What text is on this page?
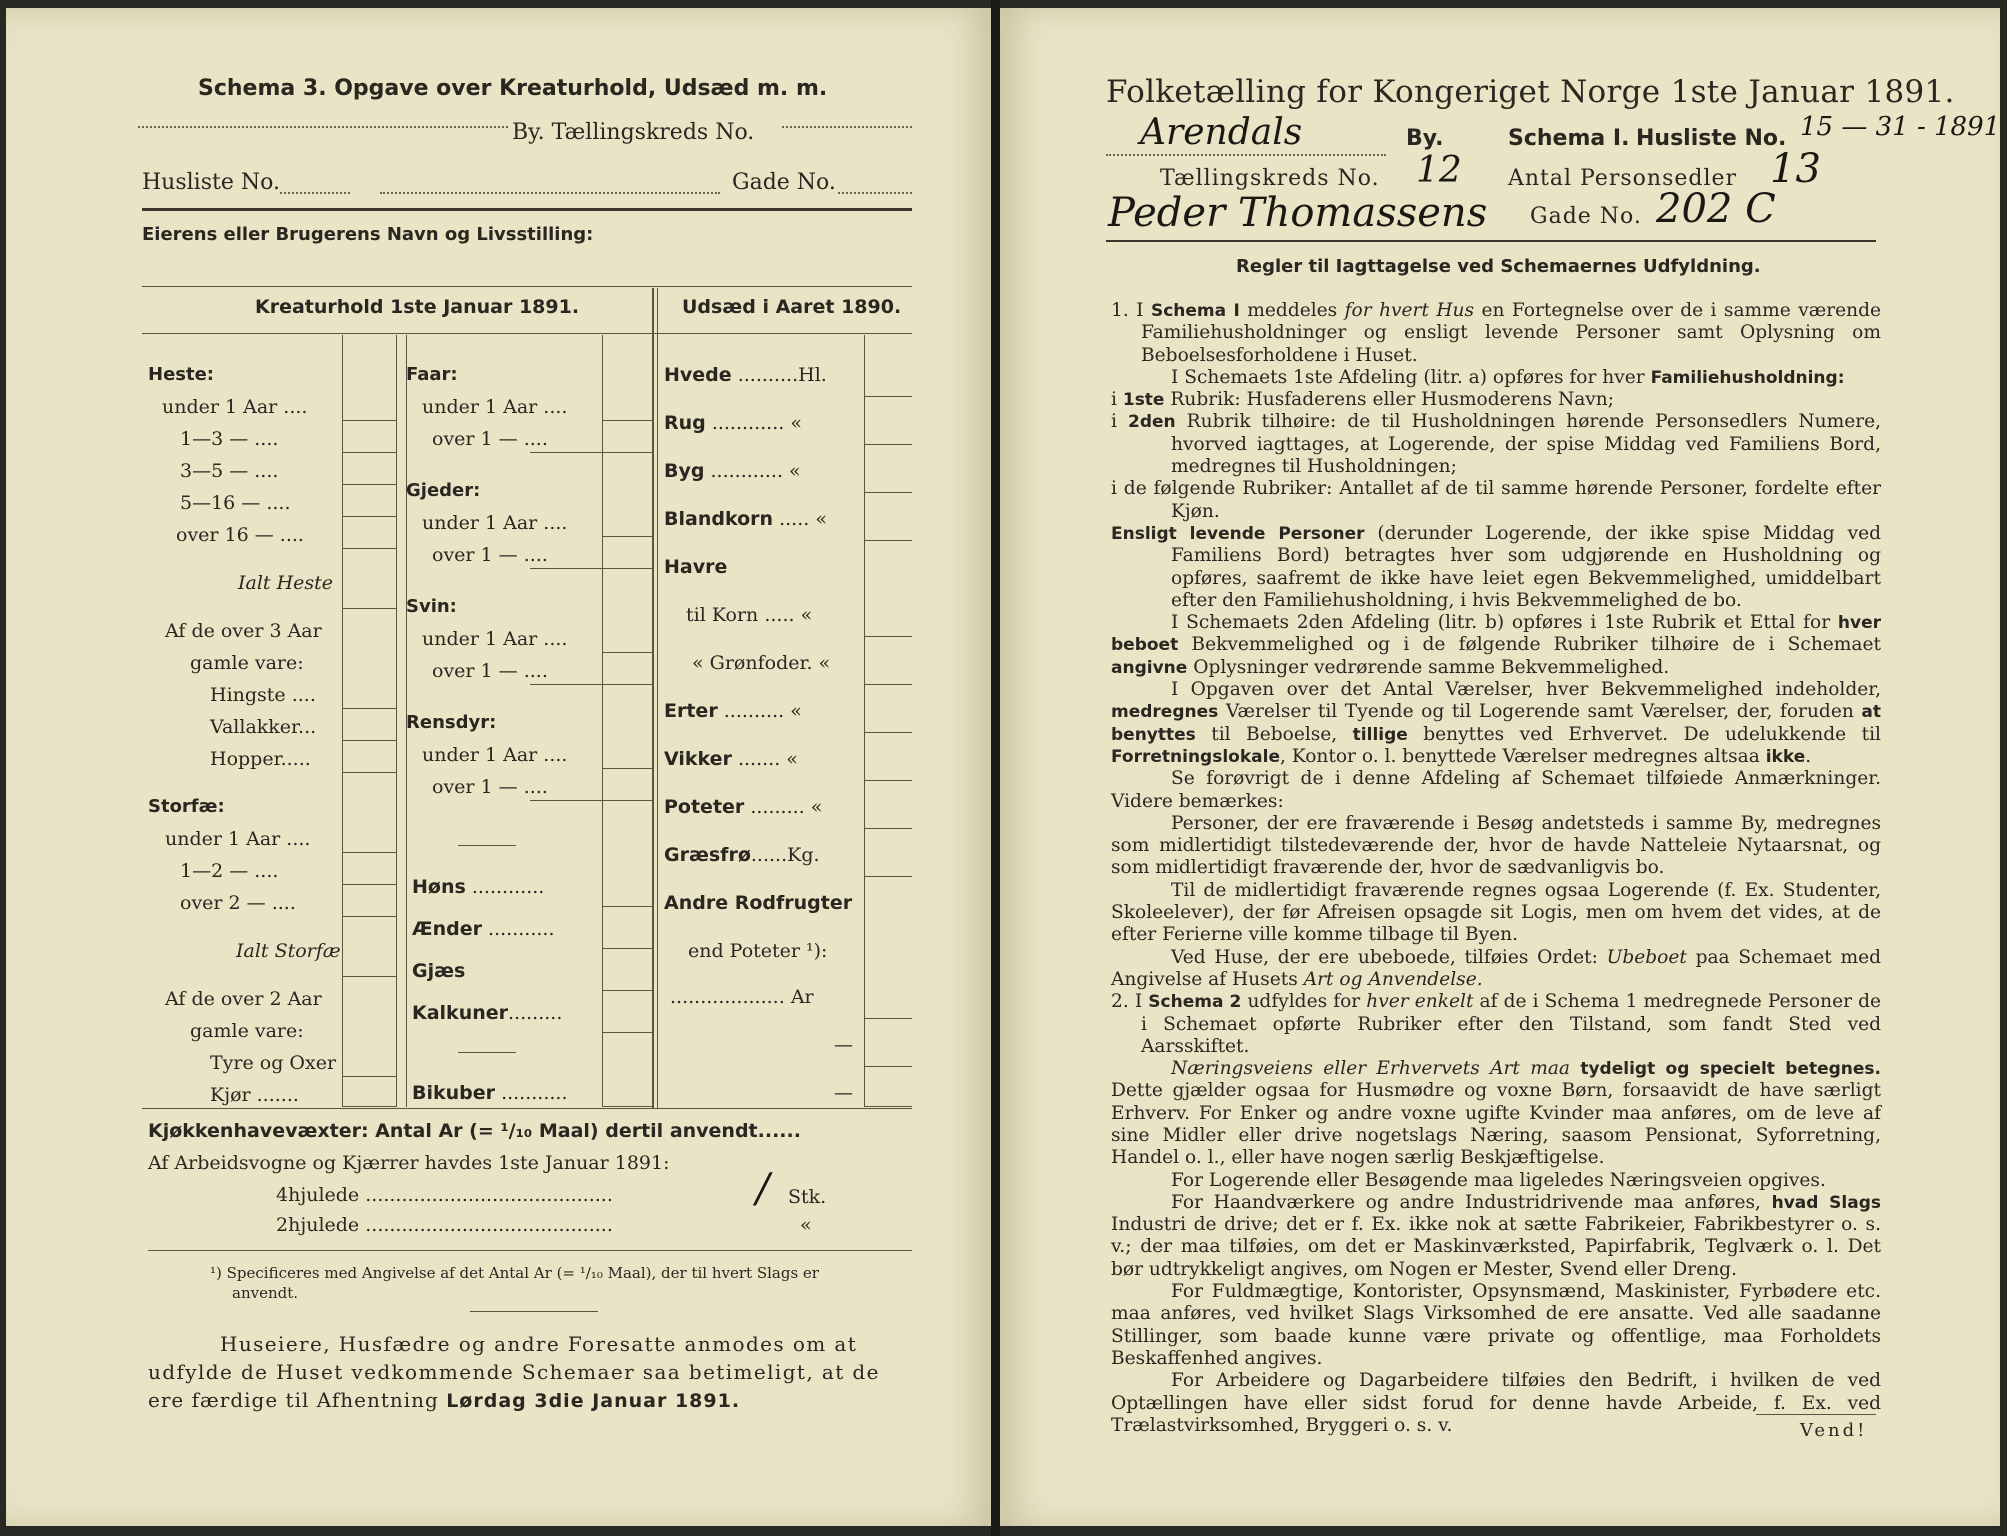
Schema 3. Opgave over Kreaturhold, Udsæd m. m.
By. Tællingskreds No.
Husliste No.	Gade No.
Eierens eller Brugerens Navn og Livsstilling:
Kreaturhold 1ste Januar 1891.	Udsæd i Aaret 1890.
Heste:
under 1 Aar ....
1—3 — ....
3—5 — ....
5—16 — ....
over 16 — ....
Ialt Heste
Af de over 3 Aar
gamle vare:
Hingste ....
Vallakker...
Hopper.....
Storfæ:
under 1 Aar ....
1—2 — ....
over 2 — ....
Ialt Storfæ
Af de over 2 Aar
gamle vare:
Tyre og Oxer
Kjør .......
Faar:
under 1 Aar ....
over 1 — ....
Gjeder:
under 1 Aar ....
over 1 — ....
Svin:
under 1 Aar ....
over 1 — ....
Rensdyr:
under 1 Aar ....
over 1 — ....
Høns ............
Ænder ...........
Gjæs
Kalkuner.........
Bikuber ...........
Hvede ..........Hl.
Rug ............ «
Byg ............ «
Blandkorn ..... «
Havre
til Korn ..... «
« Grønfoder. «
Erter .......... «
Vikker ....... «
Poteter ......... «
Græsfrø......Kg.
Andre Rodfrugter
end Poteter ¹):
................... Ar
—
—
Kjøkkenhavevæxter: Antal Ar (= ¹/₁₀ Maal) dertil anvendt......
Af Arbeidsvogne og Kjærrer havdes 1ste Januar 1891:
4hjulede .........................................	/ Stk.
2hjulede .........................................	«
¹) Specificeres med Angivelse af det Antal Ar (= ¹/₁₀ Maal), der til hvert Slags er
anvendt.
Huseiere, Husfædre og andre Foresatte anmodes om at
udfylde de Huset vedkommende Schemaer saa betimeligt, at de
ere færdige til Afhentning Lørdag 3die Januar 1891.
Folketælling for Kongeriget Norge 1ste Januar 1891.
Arendals	By.	Schema I. Husliste No. 15 — 31 - 1891
Tællingskreds No. 12 Antal Personsedler 13
Peder Thomassens Gade No. 202 C
Regler til Iagttagelse ved Schemaernes Udfyldning.

1. I Schema I meddeles for hvert Hus en Fortegnelse over de i samme værende Familiehusholdninger og ensligt levende Personer samt Oplysning om Beboelsesforholdene i Huset.

I Schemaets 1ste Afdeling (litr. a) opføres for hver Familiehusholdning:

i 1ste Rubrik: Husfaderens eller Husmoderens Navn;

i 2den Rubrik tilhøire: de til Husholdningen hørende Personsedlers Numere, hvorved iagttages, at Logerende, der spise Middag ved Familiens Bord, medregnes til Husholdningen;

i de følgende Rubriker: Antallet af de til samme hørende Personer, fordelte efter Kjøn.

Ensligt levende Personer (derunder Logerende, der ikke spise Middag ved Familiens Bord) betragtes hver som udgjørende en Husholdning og opføres, saafremt de ikke have leiet egen Bekvemmelighed, umiddelbart efter den Familiehusholdning, i hvis Bekvemmelighed de bo.

I Schemaets 2den Afdeling (litr. b) opføres i 1ste Rubrik et Ettal for hver beboet Bekvemmelighed og i de følgende Rubriker tilhøire de i Schemaet angivne Oplysninger vedrørende samme Bekvemmelighed.

I Opgaven over det Antal Værelser, hver Bekvemmelighed indeholder, medregnes Værelser til Tyende og til Logerende samt Værelser, der, foruden at benyttes til Beboelse, tillige benyttes ved Erhvervet. De udelukkende til Forretningslokale, Kontor o. l. benyttede Værelser medregnes altsaa ikke.

Se forøvrigt de i denne Afdeling af Schemaet tilføiede Anmærkninger. Videre bemærkes:

Personer, der ere fraværende i Besøg andetsteds i samme By, medregnes som midlertidigt tilstedeværende der, hvor de havde Natteleie Nytaarsnat, og som midlertidigt fraværende der, hvor de sædvanligvis bo.

Til de midlertidigt fraværende regnes ogsaa Logerende (f. Ex. Studenter, Skoleelever), der før Afreisen opsagde sit Logis, men om hvem det vides, at de efter Ferierne ville komme tilbage til Byen.

Ved Huse, der ere ubeboede, tilføies Ordet: Ubeboet paa Schemaet med Angivelse af Husets Art og Anvendelse.

2. I Schema 2 udfyldes for hver enkelt af de i Schema 1 medregnede Personer de i Schemaet opførte Rubriker efter den Tilstand, som fandt Sted ved Aarsskiftet.

Næringsveiens eller Erhvervets Art maa tydeligt og specielt betegnes. Dette gjælder ogsaa for Husmødre og voxne Børn, forsaavidt de have særligt Erhverv. For Enker og andre voxne ugifte Kvinder maa anføres, om de leve af sine Midler eller drive nogetslags Næring, saasom Pensionat, Syforretning, Handel o. l., eller have nogen særlig Beskjæftigelse.

For Logerende eller Besøgende maa ligeledes Næringsveien opgives.

For Haandværkere og andre Industridrivende maa anføres, hvad Slags Industri de drive; det er f. Ex. ikke nok at sætte Fabrikeier, Fabrikbestyrer o. s. v.; der maa tilføies, om det er Maskinværksted, Papirfabrik, Teglværk o. l. Det bør udtrykkeligt angives, om Nogen er Mester, Svend eller Dreng.

For Fuldmægtige, Kontorister, Opsynsmænd, Maskinister, Fyrbødere etc. maa anføres, ved hvilket Slags Virksomhed de ere ansatte. Ved alle saadanne Stillinger, som baade kunne være private og offentlige, maa Forholdets Beskaffenhed angives.

For Arbeidere og Dagarbeidere tilføies den Bedrift, i hvilken de ved Optællingen have eller sidst forud for denne havde Arbeide, f. Ex. ved Trælastvirksomhed, Bryggeri o. s. v.	Vend!
